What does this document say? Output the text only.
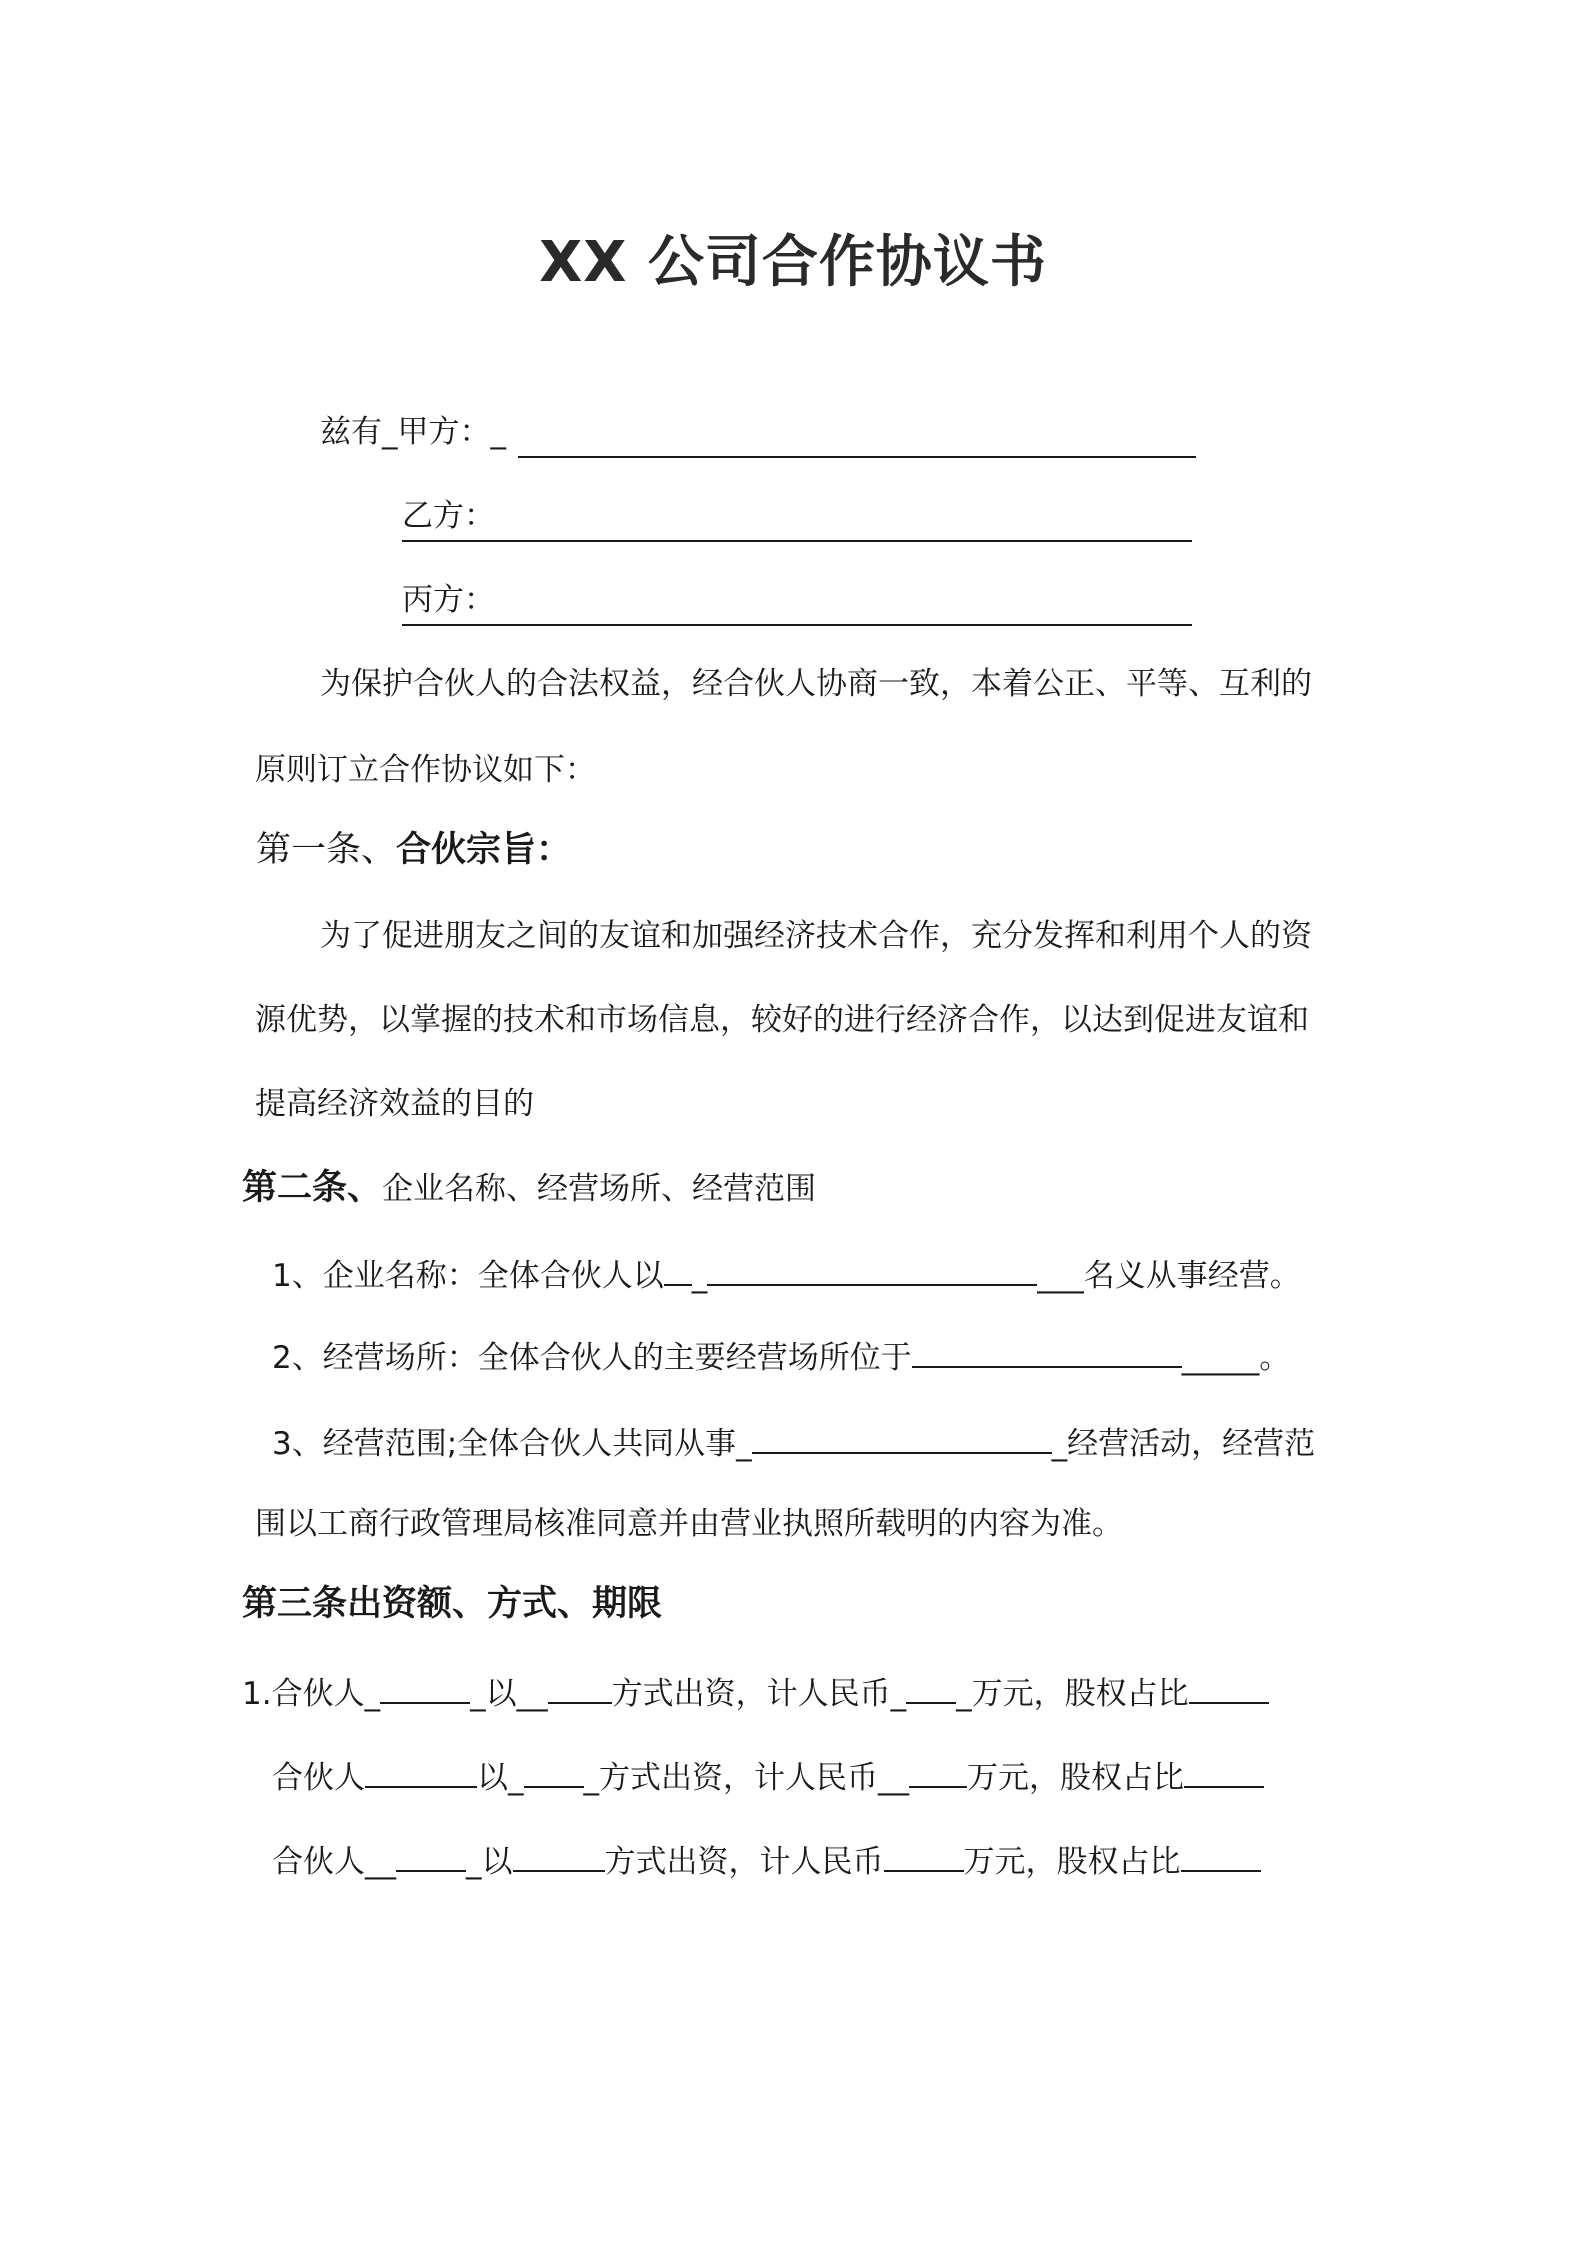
XX 公司合作协议书
兹有_甲方：_
乙方：
丙方：
为保护合伙人的合法权益，经合伙人协商一致，本着公正、平等、互利的
原则订立合作协议如下：
第一条、合伙宗旨：
为了促进朋友之间的友谊和加强经济技术合作，充分发挥和利用个人的资
源优势，以掌握的技术和市场信息，较好的进行经济合作，以达到促进友谊和
提高经济效益的目的
第二条、企业名称、经营场所、经营范围
1、企业名称：全体合伙人以 _	___名义从事经营。
2、经营场所：全体合伙人的主要经营场所位于	_____。
3、经营范围;全体合伙人共同从事_	_经营活动，经营范
围以工商行政管理局核准同意并由营业执照所载明的内容为准。
第三条出资额、方式、期限
1.合伙人_	_以__ 方式出资，计人民币_ _万元，股权占比
合伙人	以_ _方式出资，计人民币__ 万元，股权占比
合伙人__ _以	方式出资，计人民币	万元，股权占比
